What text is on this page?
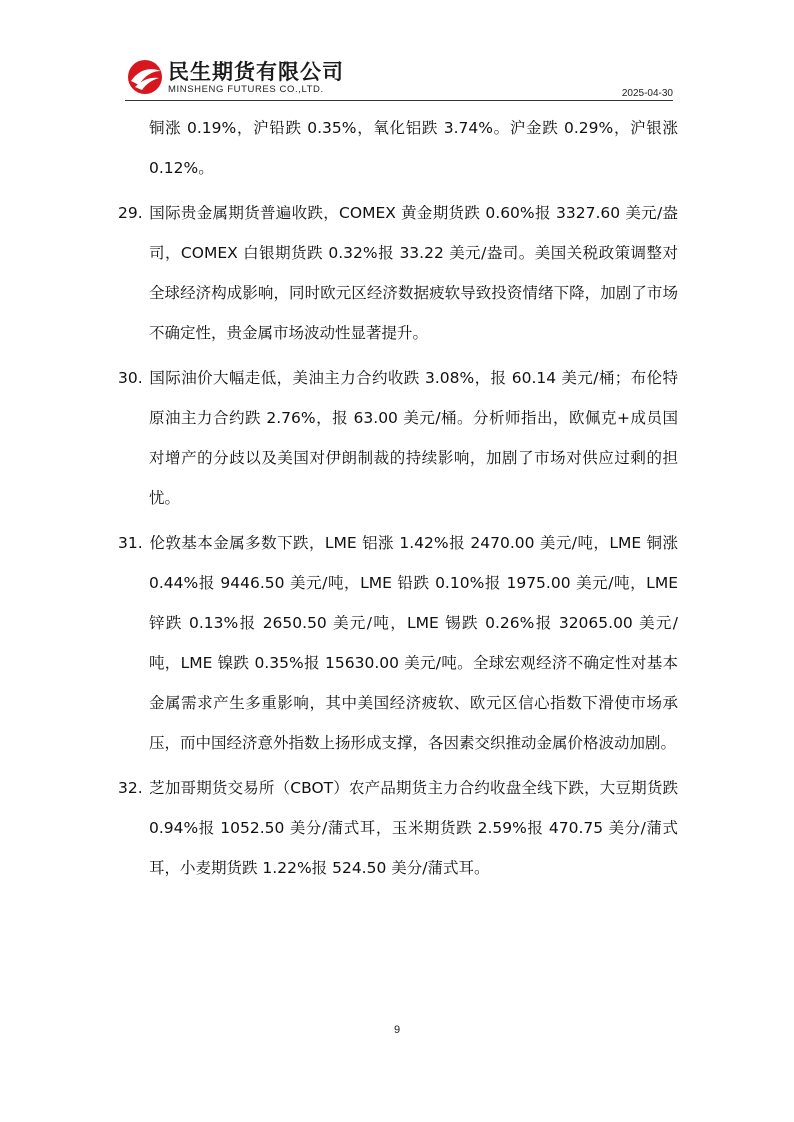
民生期货有限公司
MINSHENG FUTURES CO.,LTD.	2025-04-30

铜涨 0.19%，沪铅跌 0.35%，氧化铝跌 3.74%。沪金跌 0.29%，沪银涨 0.12%。

29. 国际贵金属期货普遍收跌，COMEX 黄金期货跌 0.60%报 3327.60 美元/盎司，COMEX 白银期货跌 0.32%报 33.22 美元/盎司。美国关税政策调整对全球经济构成影响，同时欧元区经济数据疲软导致投资情绪下降，加剧了市场不确定性，贵金属市场波动性显著提升。

30. 国际油价大幅走低，美油主力合约收跌 3.08%，报 60.14 美元/桶；布伦特原油主力合约跌 2.76%，报 63.00 美元/桶。分析师指出，欧佩克+成员国对增产的分歧以及美国对伊朗制裁的持续影响，加剧了市场对供应过剩的担忧。

31. 伦敦基本金属多数下跌，LME 铝涨 1.42%报 2470.00 美元/吨，LME 铜涨 0.44%报 9446.50 美元/吨，LME 铅跌 0.10%报 1975.00 美元/吨，LME 锌跌 0.13%报 2650.50 美元/吨，LME 锡跌 0.26%报 32065.00 美元/吨，LME 镍跌 0.35%报 15630.00 美元/吨。全球宏观经济不确定性对基本金属需求产生多重影响，其中美国经济疲软、欧元区信心指数下滑使市场承压，而中国经济意外指数上扬形成支撑，各因素交织推动金属价格波动加剧。

32. 芝加哥期货交易所（CBOT）农产品期货主力合约收盘全线下跌，大豆期货跌 0.94%报 1052.50 美分/蒲式耳，玉米期货跌 2.59%报 470.75 美分/蒲式耳，小麦期货跌 1.22%报 524.50 美分/蒲式耳。

9
